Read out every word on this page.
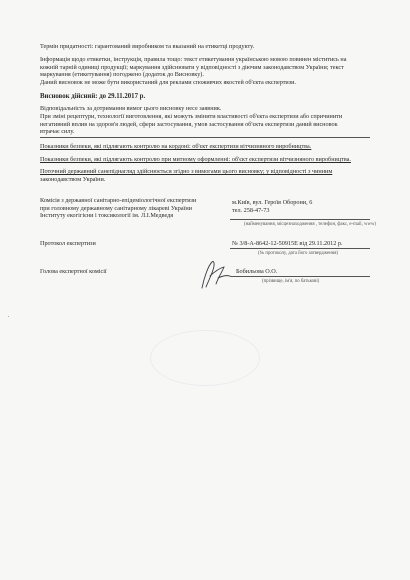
Термін придатності: гарантований виробником та вказаний на етикетці продукту.
Інформація щодо етикетки, інструкція, правила тощо: текст етикетування українською мовою повинен міститись на
кожній тарній одиниці продукції; маркування здійснювати у відповідності з діючим законодавством України; текст
маркування (етикетування) погоджено (додаток до Висновку).
Даний висновок не може бути використаний для реклами споживчих якостей об'єкта експертизи.
Висновок дійсний: до 29.11.2017 р.
Відповідальність за дотримання вимог цього висновку несе заявник.
При зміні рецептури, технології виготовлення, які можуть змінити властивості об'єкта експертизи або спричинити
негативний вплив на здоров'я людей, сфери застосування, умов застосування об'єкта експертизи даний висновок
втрачає силу.
Показники безпеки, які підлягають контролю на кордоні: об'єкт експертизи вітчизняного виробництва.
Показники безпеки, які підлягають контролю при митному оформленні: об'єкт експертизи вітчизняного виробництва.
Поточний державний санепіднагляд здійснюється згідно з вимогами цього висновку; у відповідності з чинним
законодавством України.
Комісія з державної санітарно-епідеміологічної експертизи
при головному державному санітарному лікареві України
Інституту екогігієни і токсикології ім. Л.І.Медведя
м.Київ, вул. Героїв Оборони, 6
тел. 258-47-73
(найменування, місцезнаходження , телефон, факс, e-mail, www)
Протокол експертизи	№ 3/8-А-8642-12-50915Е від 29.11.2012 р.
(№ протоколу, дата його затвердження)
Голова експертної комісії	Бобильова О.О.
(прізвище, ім'я, по батькові)
